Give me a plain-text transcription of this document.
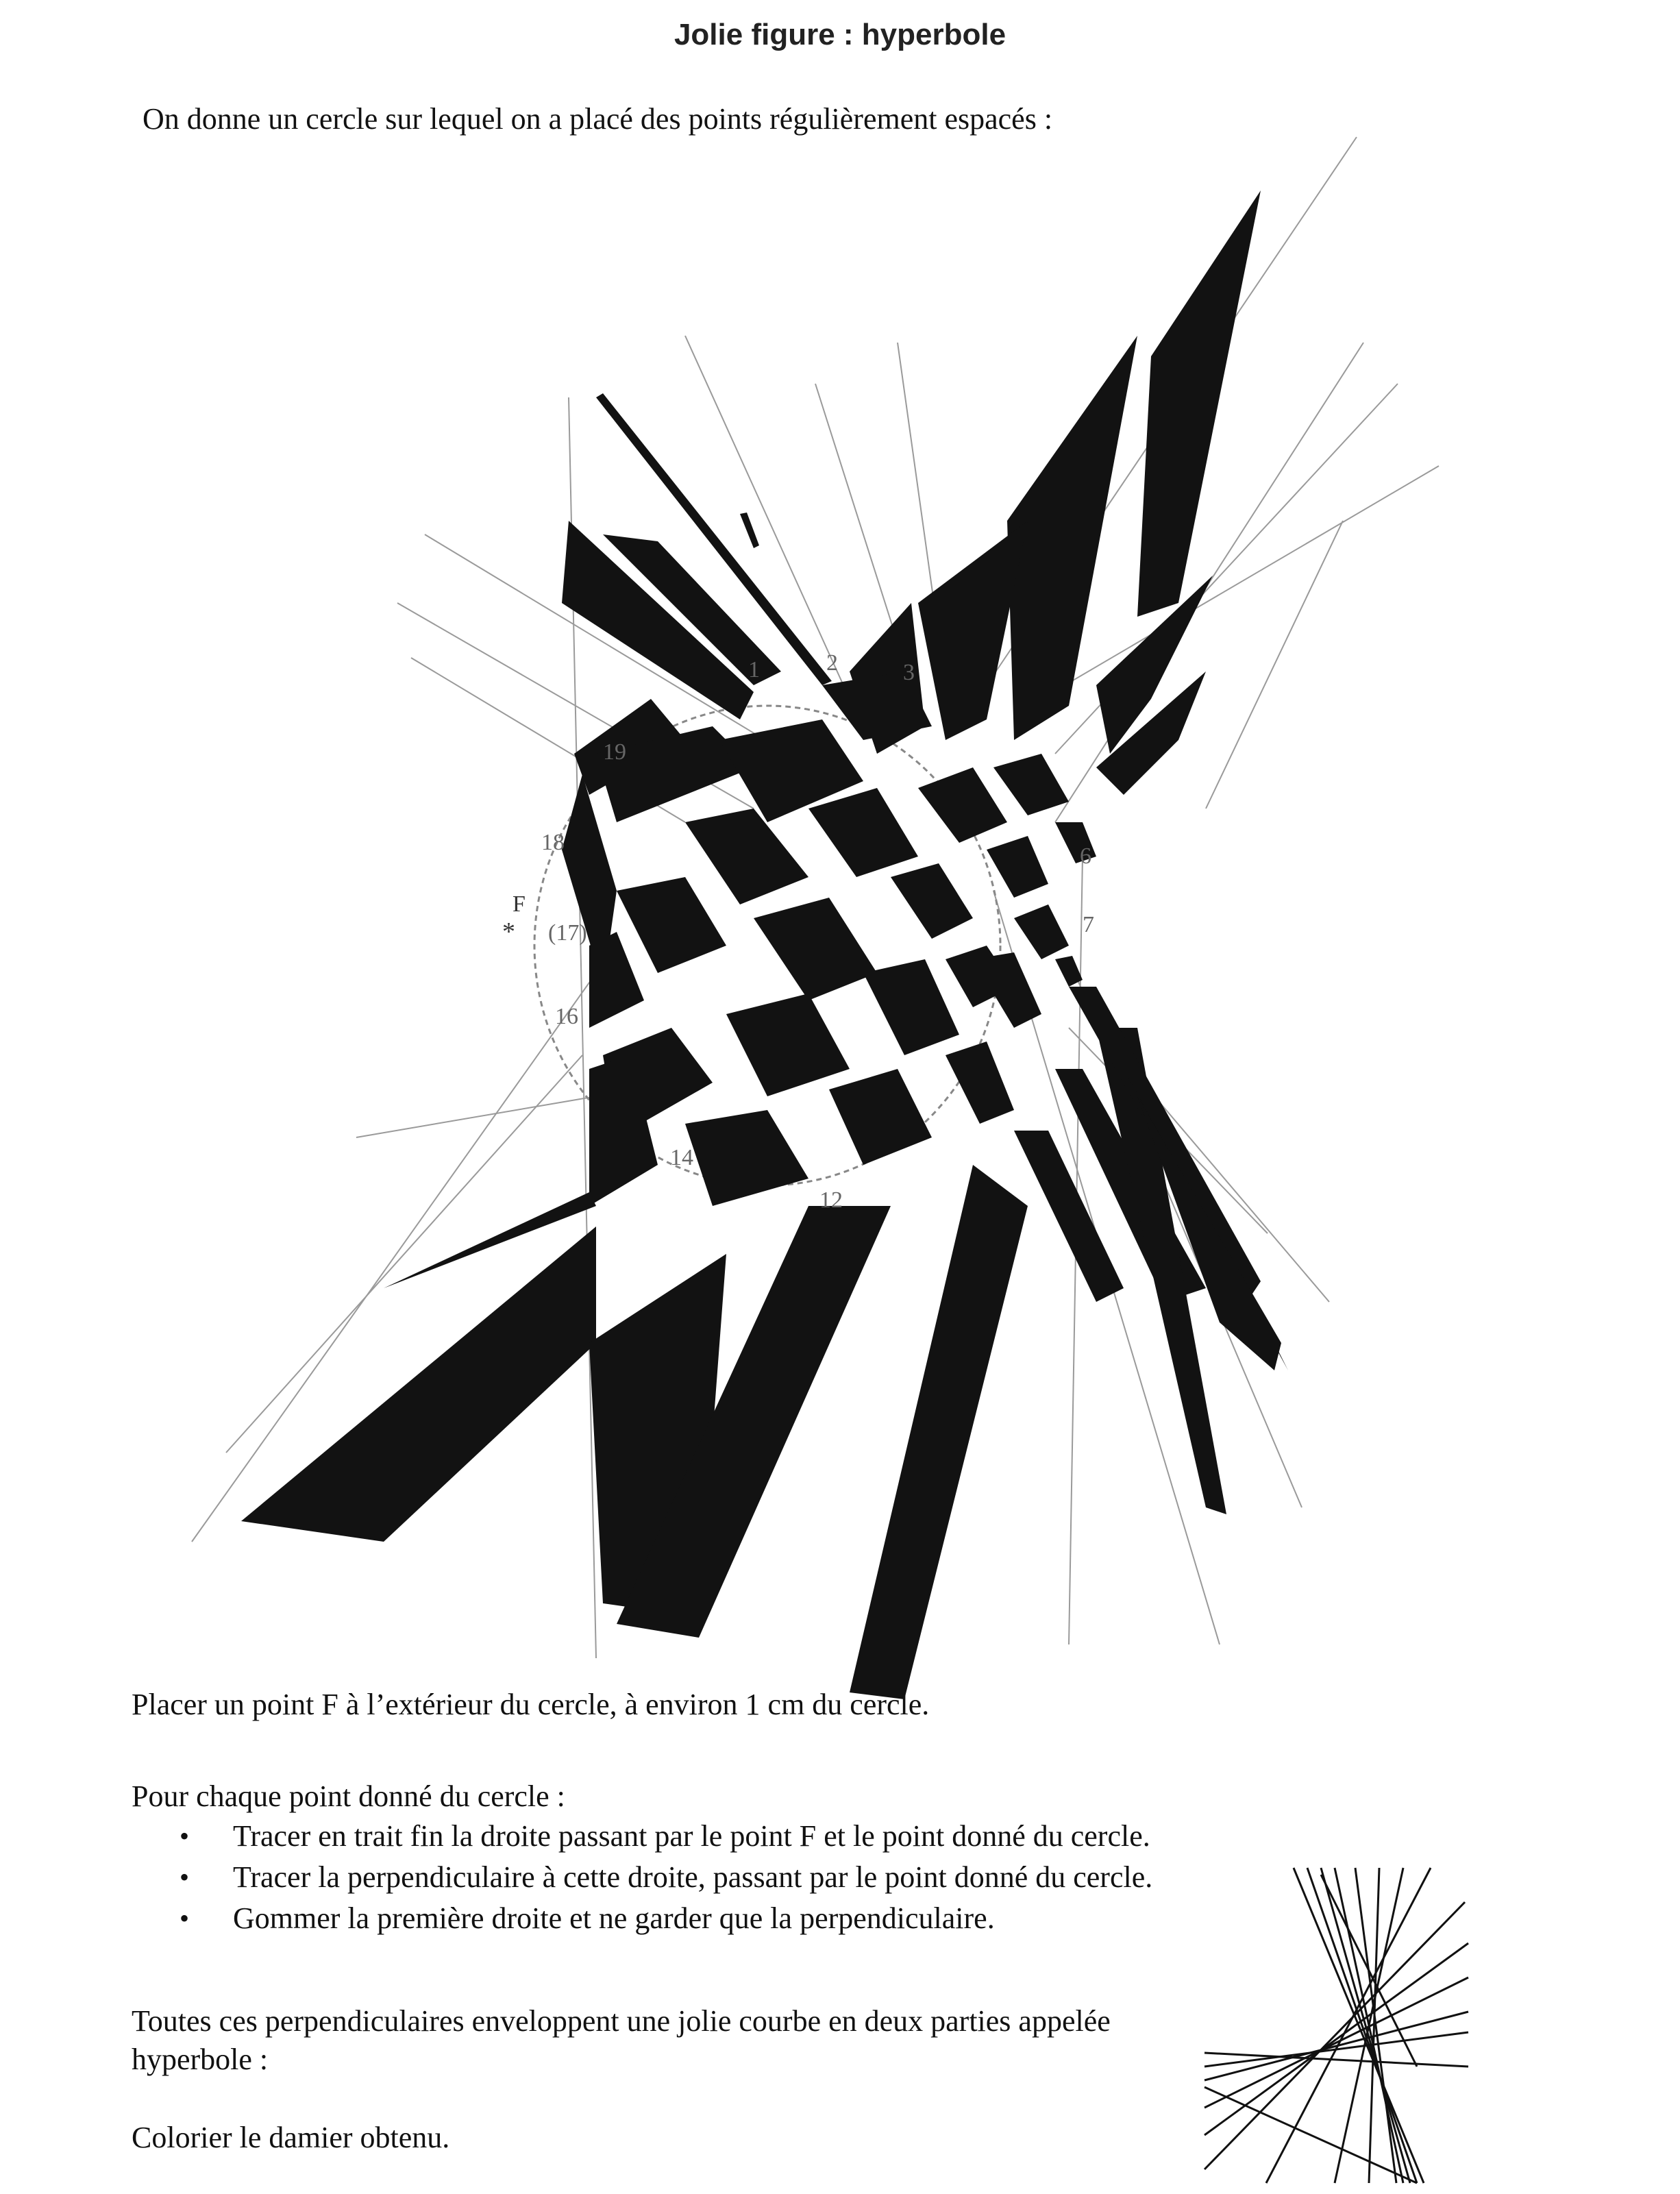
Jolie figure : hyperbole
On donne un cercle sur lequel on a placé des points régulièrement espacés :
F
*
19
18
(17)
16
14
12
1	2	3
6
7
Placer un point F à l’extérieur du cercle, à environ 1 cm du cercle.
Pour chaque point donné du cercle :
• Tracer en trait fin la droite passant par le point F et le point donné du cercle.
• Tracer la perpendiculaire à cette droite, passant par le point donné du cercle.
• Gommer la première droite et ne garder que la perpendiculaire.
Toutes ces perpendiculaires enveloppent une jolie courbe en deux parties appelée hyperbole :
Colorier le damier obtenu.
